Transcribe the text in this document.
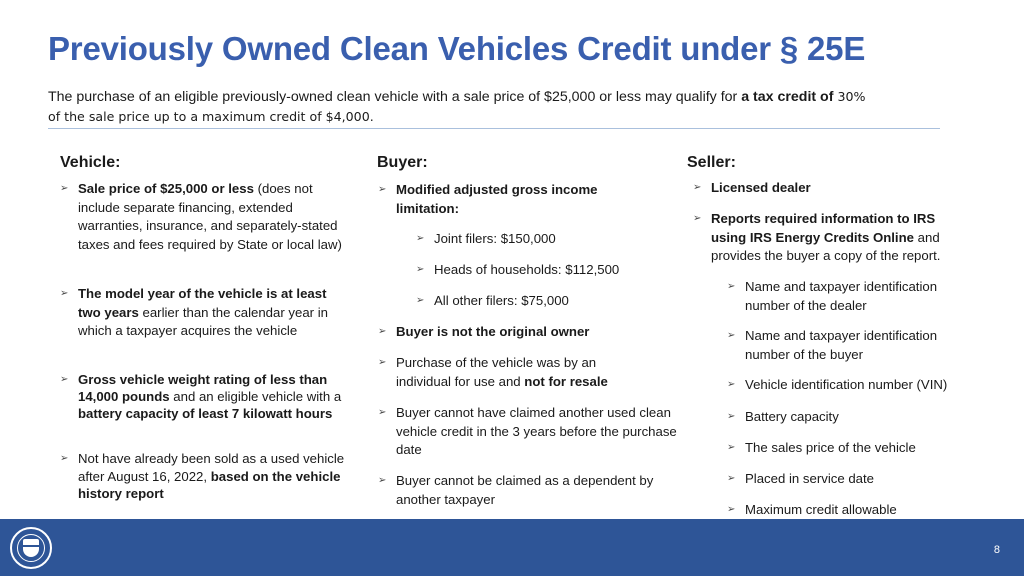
Previously Owned Clean Vehicles Credit under § 25E
The purchase of an eligible previously-owned clean vehicle with a sale price of $25,000 or less may qualify for a tax credit of 30%
of the sale price up to a maximum credit of $4,000.
Vehicle:
➢ Sale price of $25,000 or less (does not include separate financing, extended warranties, insurance, and separately-stated taxes and fees required by State or local law)
➢ The model year of the vehicle is at least two years earlier than the calendar year in which a taxpayer acquires the vehicle
➢ Gross vehicle weight rating of less than 14,000 pounds and an eligible vehicle with a battery capacity of least 7 kilowatt hours
➢ Not have already been sold as a used vehicle after August 16, 2022, based on the vehicle history report
Buyer:
➢ Modified adjusted gross income limitation:
➢ Joint filers: $150,000
➢ Heads of households: $112,500
➢ All other filers: $75,000
➢ Buyer is not the original owner
➢ Purchase of the vehicle was by an individual for use and not for resale
➢ Buyer cannot have claimed another used clean vehicle credit in the 3 years before the purchase date
➢ Buyer cannot be claimed as a dependent by another taxpayer
Seller:
➢ Licensed dealer
➢ Reports required information to IRS using IRS Energy Credits Online and provides the buyer a copy of the report.
➢ Name and taxpayer identification number of the dealer
➢ Name and taxpayer identification number of the buyer
➢ Vehicle identification number (VIN)
➢ Battery capacity
➢ The sales price of the vehicle
➢ Placed in service date
➢ Maximum credit allowable
8
